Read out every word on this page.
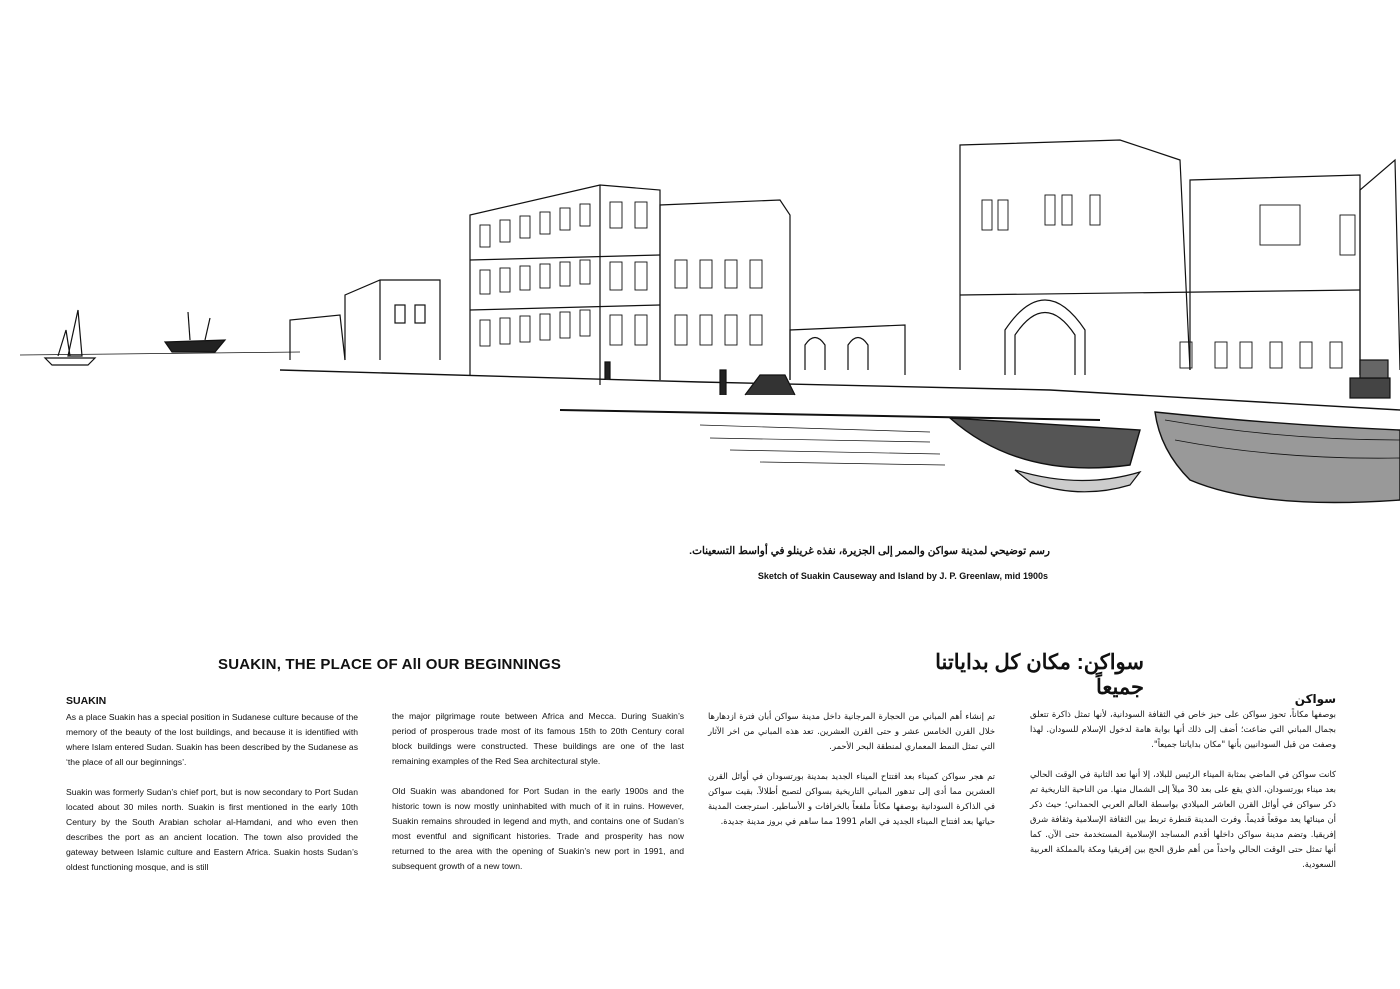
رسم توضيحي لمدينة سواكن والممر إلى الجزيرة، نفذه غرينلو في أواسط التسعينات.
Sketch of Suakin Causeway and Island by J. P. Greenlaw, mid 1900s
SUAKIN, THE PLACE OF All OUR BEGINNINGS	سواكن: مكان كل بداياتنا جميعاً
SUAKIN

As a place Suakin has a special position in Sudanese culture because of the memory of the beauty of the lost buildings, and because it is identified with where Islam entered Sudan. Suakin has been described by the Sudanese as ‘the place of all our beginnings’.

Suakin was formerly Sudan’s chief port, but is now secondary to Port Sudan located about 30 miles north. Suakin is first mentioned in the early 10th Century by the South Arabian scholar al-Hamdani, and who even then describes the port as an ancient location. The town also provided the gateway between Islamic culture and Eastern Africa. Suakin hosts Sudan’s oldest functioning mosque, and is still

the major pilgrimage route between Africa and Mecca. During Suakin’s period of prosperous trade most of its famous 15th to 20th Century coral block buildings were constructed. These buildings are one of the last remaining examples of the Red Sea architectural style.

Old Suakin was abandoned for Port Sudan in the early 1900s and the historic town is now mostly uninhabited with much of it in ruins. However, Suakin remains shrouded in legend and myth, and contains one of Sudan’s most eventful and significant histories. Trade and prosperity has now returned to the area with the opening of Suakin’s new port in 1991, and subsequent growth of a new town.

تم إنشاء أهم المباني من الحجارة المرجانية داخل مدينة سواكن أبان فترة ازدهارها خلال القرن الخامس عشر و حتى القرن العشرين. تعد هذه المباني من اخر الآثار التي تمثل النمط المعماري لمنطقة البحر الأحمر.

تم هجر سواكن كميناء بعد افتتاح الميناء الجديد بمدينة بورتسودان في أوائل القرن العشرين مما أدى إلى تدهور المباني التاريخية بسواكن لتصبح أطلالاً. بقيت سواكن في الذاكرة السودانية بوصفها مكاناً ملفعاً بالخرافات و الأساطير. استرجعت المدينة حياتها بعد افتتاح الميناء الجديد في العام 1991 مما ساهم في بروز مدينة جديدة.

سواكن

بوصفها مكاناً، تحوز سواكن على حيز خاص في الثقافة السودانية، لأنها تمثل ذاكرة تتعلق بجمال المباني التي ضاعت؛ أضف إلى ذلك أنها بوابة هامة لدخول الإسلام للسودان. لهذا وصفت من قبل السودانيين بأنها "مكان بداياتنا جميعاً".

كانت سواكن في الماضي بمثابة الميناء الرئيس للبلاد، إلا أنها تعد الثانية في الوقت الحالي بعد ميناء بورتسودان، الذي يقع على بعد 30 ميلاً إلى الشمال منها. من الناحية التاريخية تم ذكر سواكن في أوائل القرن العاشر الميلادي بواسطة العالم العربي الحمداني؛ حيث ذكر أن مينائها يعد موقعاً قديماً. وفرت المدينة قنطرة تربط بين الثقافة الإسلامية وثقافة شرق إفريقيا. وتضم مدينة سواكن داخلها أقدم المساجد الإسلامية المستخدمة حتى الآن. كما أنها تمثل حتى الوقت الحالي واحداً من أهم طرق الحج بين إفريقيا ومكة بالمملكة العربية السعودية.
